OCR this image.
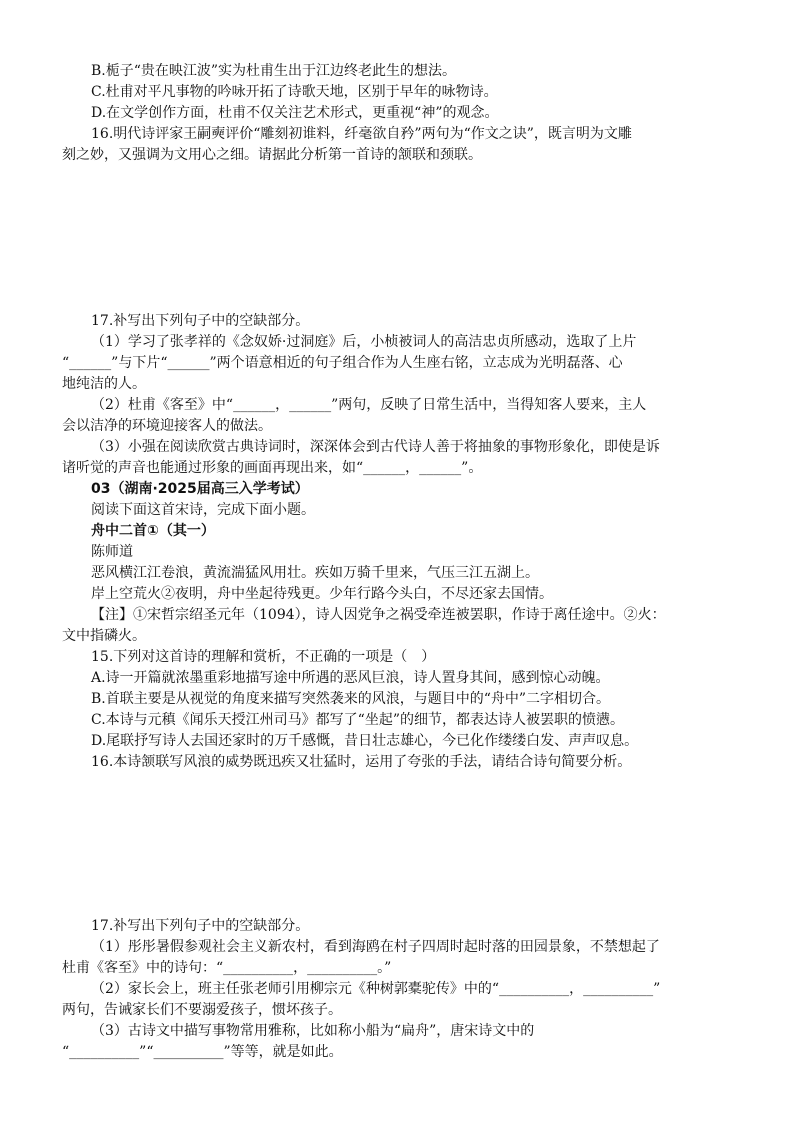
B.栀子“贵在映江波”实为杜甫生出于江边终老此生的想法。
C.杜甫对平凡事物的吟咏开拓了诗歌天地，区别于早年的咏物诗。
D.在文学创作方面，杜甫不仅关注艺术形式，更重视“神”的观念。
16.明代诗评家王嗣奭评价“雕刻初谁料，纤毫欲自矜”两句为“作文之诀”，既言明为文雕
刻之妙，又强调为文用心之细。请据此分析第一首诗的颔联和颈联。
17.补写出下列句子中的空缺部分。
（1）学习了张孝祥的《念奴娇·过洞庭》后，小桢被词人的高洁忠贞所感动，选取了上片
“______”与下片“______”两个语意相近的句子组合作为人生座右铭，立志成为光明磊落、心
地纯洁的人。
（2）杜甫《客至》中“______，______”两句，反映了日常生活中，当得知客人要来，主人
会以洁净的环境迎接客人的做法。
（3）小强在阅读欣赏古典诗词时，深深体会到古代诗人善于将抽象的事物形象化，即使是诉
诸听觉的声音也能通过形象的画面再现出来，如“______，______”。
03（湖南·2025届高三入学考试）
阅读下面这首宋诗，完成下面小题。
舟中二首①（其一）
陈师道
恶风横江江卷浪，黄流湍猛风用壮。疾如万骑千里来，气压三江五湖上。
岸上空荒火②夜明，舟中坐起待残更。少年行路今头白，不尽还家去国情。
【注】①宋哲宗绍圣元年（1094），诗人因党争之祸受牵连被罢职，作诗于离任途中。②火：
文中指磷火。
15.下列对这首诗的理解和赏析，不正确的一项是（　）
A.诗一开篇就浓墨重彩地描写途中所遇的恶风巨浪，诗人置身其间，感到惊心动魄。
B.首联主要是从视觉的角度来描写突然袭来的风浪，与题目中的“舟中”二字相切合。
C.本诗与元稹《闻乐天授江州司马》都写了“坐起”的细节，都表达诗人被罢职的愤懑。
D.尾联抒写诗人去国还家时的万千感慨，昔日壮志雄心，今已化作缕缕白发、声声叹息。
16.本诗颔联写风浪的威势既迅疾又壮猛时，运用了夸张的手法，请结合诗句简要分析。
17.补写出下列句子中的空缺部分。
（1）彤彤暑假参观社会主义新农村，看到海鸥在村子四周时起时落的田园景象，不禁想起了
杜甫《客至》中的诗句：“__________，__________。”
（2）家长会上，班主任张老师引用柳宗元《种树郭橐驼传》中的“__________，__________”
两句，告诫家长们不要溺爱孩子，惯坏孩子。
（3）古诗文中描写事物常用雅称，比如称小船为“扁舟”，唐宋诗文中的
“__________”“__________”等等，就是如此。
